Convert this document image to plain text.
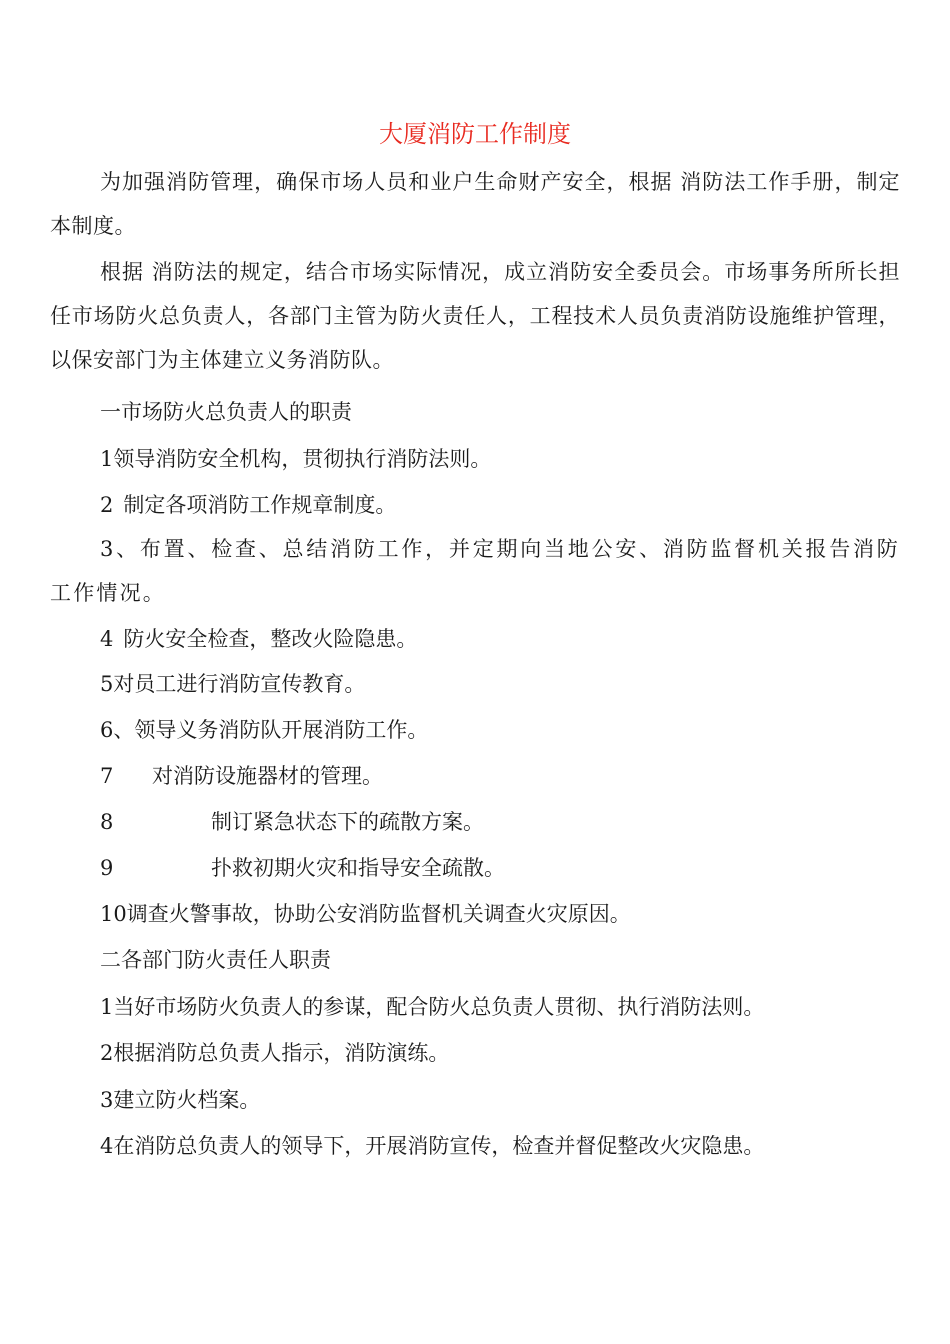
大厦消防工作制度

为加强消防管理，确保市场人员和业户生命财产安全，根据 消防法工作手册，制定本制度。

根据 消防法的规定，结合市场实际情况，成立消防安全委员会。市场事务所所长担任市场防火总负责人，各部门主管为防火责任人，工程技术人员负责消防设施维护管理，以保安部门为主体建立义务消防队。

一市场防火总负责人的职责

1领导消防安全机构，贯彻执行消防法则。

2 制定各项消防工作规章制度。

3、布置、检查、总结消防工作，并定期向当地公安、消防监督机关报告消防工作情况。

4 防火安全检查，整改火险隐患。

5对员工进行消防宣传教育。

6、领导义务消防队开展消防工作。

7 对消防设施器材的管理。

8	制订紧急状态下的疏散方案。

9	扑救初期火灾和指导安全疏散。

10调查火警事故，协助公安消防监督机关调查火灾原因。

二各部门防火责任人职责

1当好市场防火负责人的参谋，配合防火总负责人贯彻、执行消防法则。

2根据消防总负责人指示，消防演练。

3建立防火档案。

4在消防总负责人的领导下，开展消防宣传，检查并督促整改火灾隐患。
